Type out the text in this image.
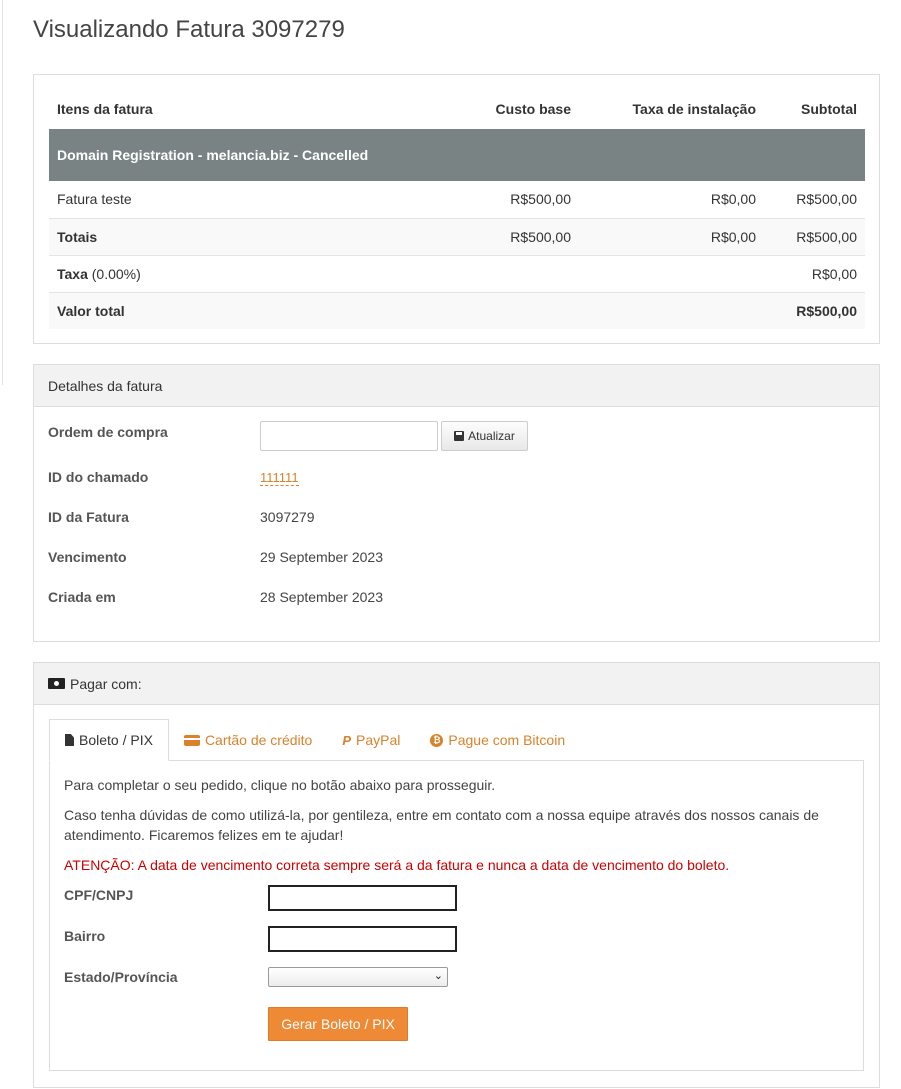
Visualizando Fatura 3097279
Itens da fatura	Custo base	Taxa de instalação	Subtotal
Domain Registration - melancia.biz - Cancelled			
Fatura teste	R$500,00	R$0,00	R$500,00
Totais	R$500,00	R$0,00	R$500,00
Taxa (0.00%)			R$0,00
Valor total			R$500,00
Detalhes da fatura
Ordem de compra	Atualizar
ID do chamado	111111
ID da Fatura	3097279
Vencimento	29 September 2023
Criada em	28 September 2023
Pagar com:
Boleto / PIX	Cartão de crédito P PayPal	₿ Pague com Bitcoin

Para completar o seu pedido, clique no botão abaixo para prosseguir.

Caso tenha dúvidas de como utilizá-la, por gentileza, entre em contato com a nossa equipe através dos nossos canais de atendimento. Ficaremos felizes em te ajudar!

ATENÇÃO: A data de vencimento correta sempre será a da fatura e nunca a data de vencimento do boleto.

CPF/CNPJ
Bairro
Estado/Província	⌄
Gerar Boleto / PIX
